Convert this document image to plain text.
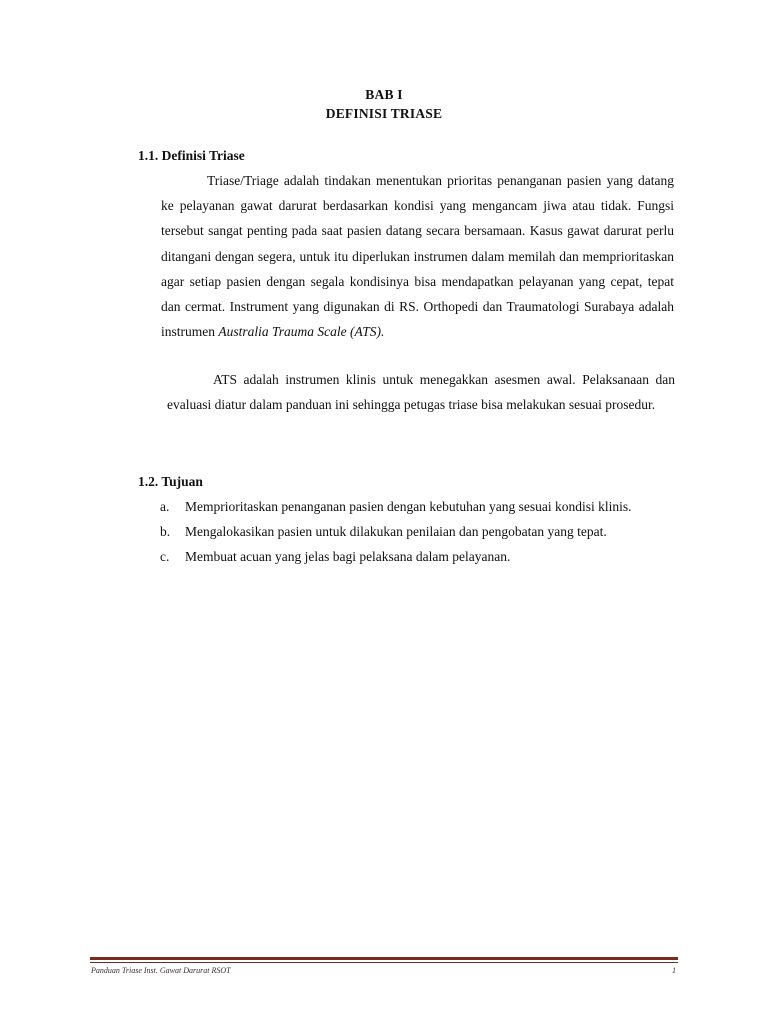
BAB I
DEFINISI TRIASE
1.1. Definisi Triase

Triase/Triage adalah tindakan menentukan prioritas penanganan pasien yang datang ke pelayanan gawat darurat berdasarkan kondisi yang mengancam jiwa atau tidak. Fungsi tersebut sangat penting pada saat pasien datang secara bersamaan. Kasus gawat darurat perlu ditangani dengan segera, untuk itu diperlukan instrumen dalam memilah dan memprioritaskan agar setiap pasien dengan segala kondisinya bisa mendapatkan pelayanan yang cepat, tepat dan cermat. Instrument yang digunakan di RS. Orthopedi dan Traumatologi Surabaya adalah instrumen Australia Trauma Scale (ATS).

ATS adalah instrumen klinis untuk menegakkan asesmen awal. Pelaksanaan dan evaluasi diatur dalam panduan ini sehingga petugas triase bisa melakukan sesuai prosedur.

1.2. Tujuan
a.	Memprioritaskan penanganan pasien dengan kebutuhan yang sesuai kondisi klinis.
b.	Mengalokasikan pasien untuk dilakukan penilaian dan pengobatan yang tepat.
c.	Membuat acuan yang jelas bagi pelaksana dalam pelayanan.
Panduan Triase Inst. Gawat Darurat RSOT	1
